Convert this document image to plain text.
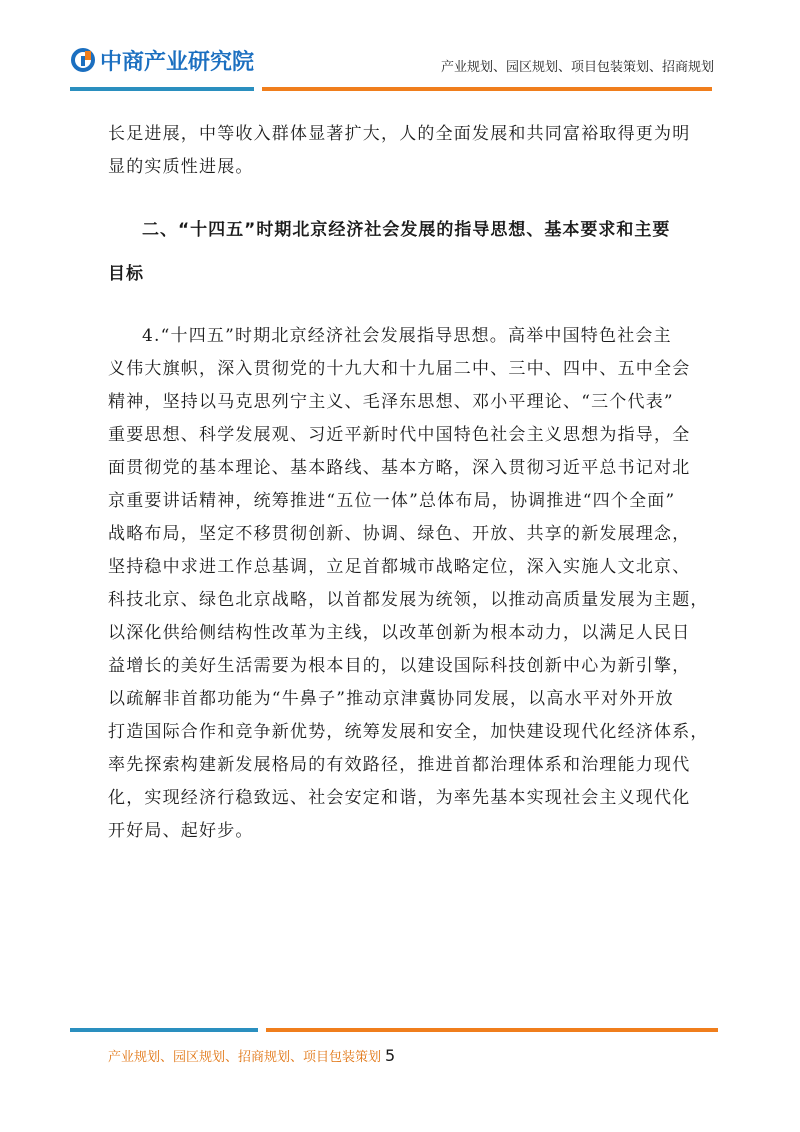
中商产业研究院	产业规划、园区规划、项目包装策划、招商规划

长足进展，中等收入群体显著扩大，人的全面发展和共同富裕取得更为明
显的实质性进展。

二、“十四五”时期北京经济社会发展的指导思想、基本要求和主要
目标

4.“十四五”时期北京经济社会发展指导思想。高举中国特色社会主
义伟大旗帜，深入贯彻党的十九大和十九届二中、三中、四中、五中全会
精神，坚持以马克思列宁主义、毛泽东思想、邓小平理论、“三个代表”
重要思想、科学发展观、习近平新时代中国特色社会主义思想为指导，全
面贯彻党的基本理论、基本路线、基本方略，深入贯彻习近平总书记对北
京重要讲话精神，统筹推进“五位一体”总体布局，协调推进“四个全面”
战略布局，坚定不移贯彻创新、协调、绿色、开放、共享的新发展理念，
坚持稳中求进工作总基调，立足首都城市战略定位，深入实施人文北京、
科技北京、绿色北京战略，以首都发展为统领，以推动高质量发展为主题，
以深化供给侧结构性改革为主线，以改革创新为根本动力，以满足人民日
益增长的美好生活需要为根本目的，以建设国际科技创新中心为新引擎，
以疏解非首都功能为“牛鼻子”推动京津冀协同发展，以高水平对外开放
打造国际合作和竞争新优势，统筹发展和安全，加快建设现代化经济体系，
率先探索构建新发展格局的有效路径，推进首都治理体系和治理能力现代
化，实现经济行稳致远、社会安定和谐，为率先基本实现社会主义现代化
开好局、起好步。

产业规划、园区规划、招商规划、项目包装策划 5
